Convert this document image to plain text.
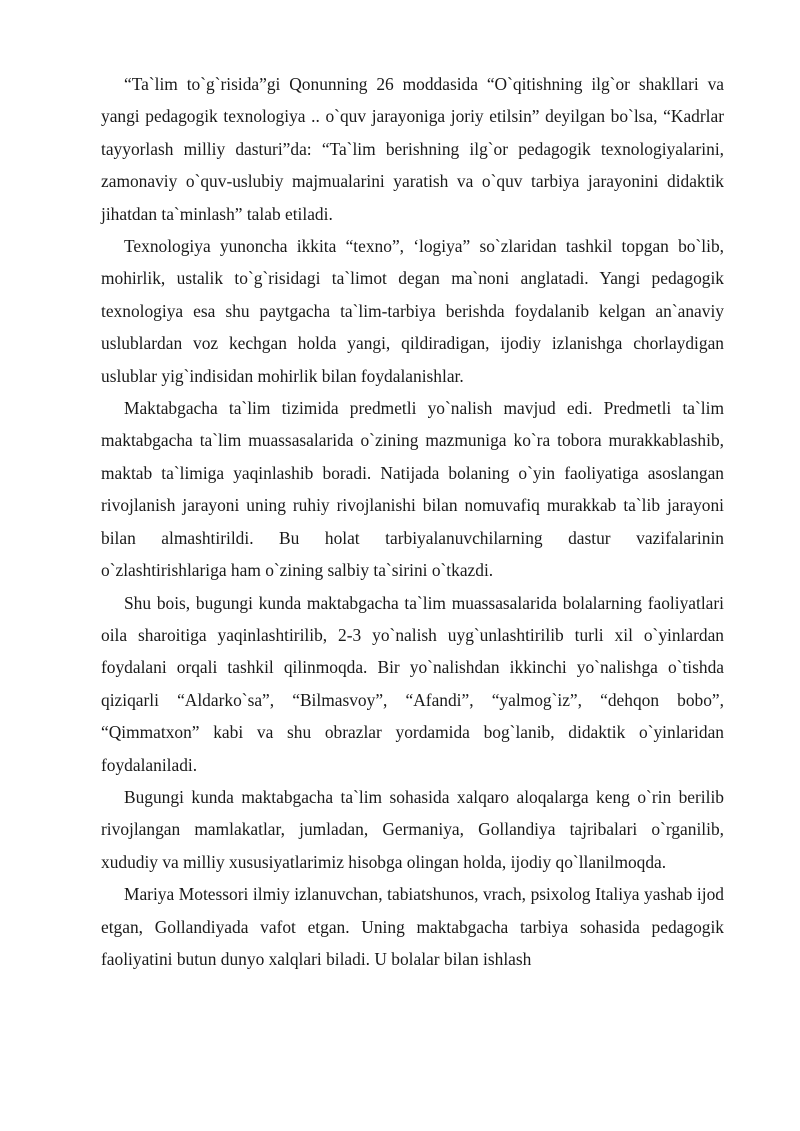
“Ta`lim to`g`risida”gi Qonunning 26 moddasida “O`qitishning ilg`or shakllari va yangi pedagogik texnologiya .. o`quv jarayoniga joriy etilsin” deyilgan bo`lsa, “Kadrlar tayyorlash milliy dasturi”da: “Ta`lim berishning ilg`or pedagogik texnologiyalarini, zamonaviy o`quv-uslubiy majmualarini yaratish va o`quv tarbiya jarayonini didaktik jihatdan ta`minlash” talab etiladi.

Texnologiya yunoncha ikkita “texno”, ‘logiya” so`zlaridan tashkil topgan bo`lib, mohirlik, ustalik to`g`risidagi ta`limot degan ma`noni anglatadi. Yangi pedagogik texnologiya esa shu paytgacha ta`lim-tarbiya berishda foydalanib kelgan an`anaviy uslublardan voz kechgan holda yangi, qildiradigan, ijodiy izlanishga chorlaydigan uslublar yig`indisidan mohirlik bilan foydalanishlar.

Maktabgacha ta`lim tizimida predmetli yo`nalish mavjud edi. Predmetli ta`lim maktabgacha ta`lim muassasalarida o`zining mazmuniga ko`ra tobora murakkablashib, maktab ta`limiga yaqinlashib boradi. Natijada bolaning o`yin faoliyatiga asoslangan rivojlanish jarayoni uning ruhiy rivojlanishi bilan nomuvafiq murakkab ta`lib jarayoni bilan almashtirildi. Bu holat tarbiyalanuvchilarning dastur vazifalarinin o`zlashtirishlariga ham o`zining salbiy ta`sirini o`tkazdi.

Shu bois, bugungi kunda maktabgacha ta`lim muassasalarida bolalarning faoliyatlari oila sharoitiga yaqinlashtirilib, 2-3 yo`nalish uyg`unlashtirilib turli xil o`yinlardan foydalani orqali tashkil qilinmoqda. Bir yo`nalishdan ikkinchi yo`nalishga o`tishda qiziqarli “Aldarko`sa”, “Bilmasvoy”, “Afandi”, “yalmog`iz”, “dehqon bobo”, “Qimmatxon” kabi va shu obrazlar yordamida bog`lanib, didaktik o`yinlaridan foydalaniladi.

Bugungi kunda maktabgacha ta`lim sohasida xalqaro aloqalarga keng o`rin berilib rivojlangan mamlakatlar, jumladan, Germaniya, Gollandiya tajribalari o`rganilib, xududiy va milliy xususiyatlarimiz hisobga olingan holda, ijodiy qo`llanilmoqda.

Mariya Motessori ilmiy izlanuvchan, tabiatshunos, vrach, psixolog Italiya yashab ijod etgan, Gollandiyada vafot etgan. Uning maktabgacha tarbiya sohasida pedagogik faoliyatini butun dunyo xalqlari biladi. U bolalar bilan ishlash
